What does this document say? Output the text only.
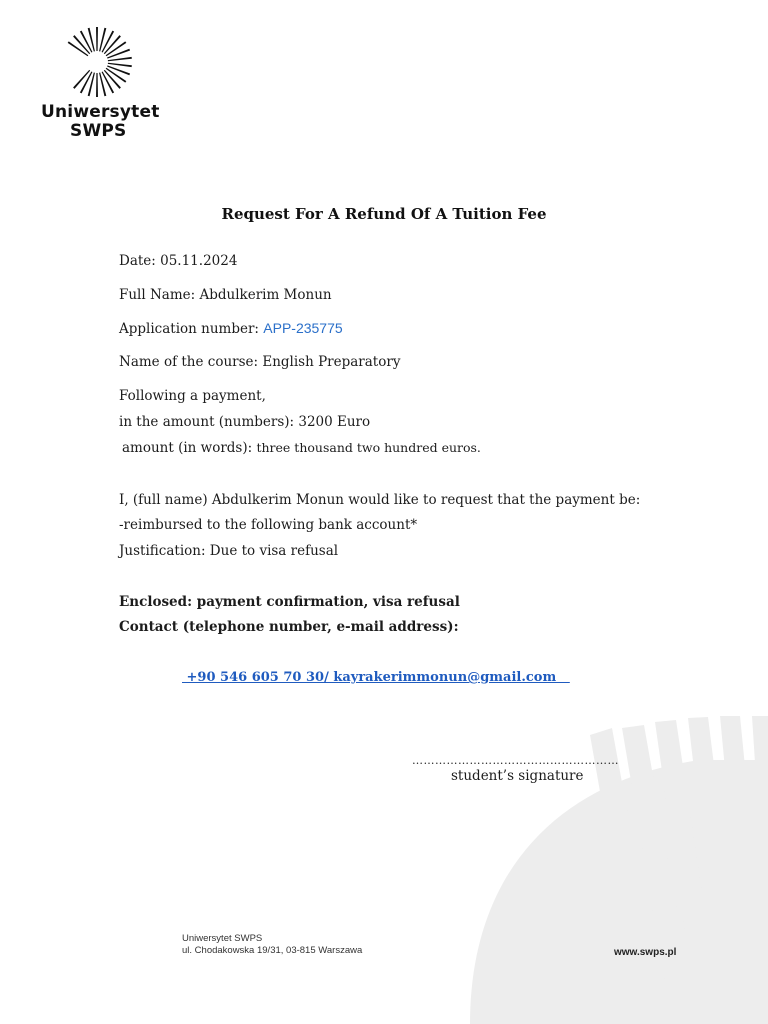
Uniwersytet
SWPS
Request For A Refund Of A Tuition Fee
Date: 05.11.2024
Full Name: Abdulkerim Monun
Application number: APP-235775
Name of the course: English Preparatory
Following a payment,
in the amount (numbers): 3200 Euro
amount (in words): three thousand two hundred euros.
I, (full name) Abdulkerim Monun would like to request that the payment be:
-reimbursed to the following bank account*
Justification: Due to visa refusal
Enclosed: payment confirmation, visa refusal
Contact (telephone number, e-mail address):
+90 546 605 70 30/ kayrakerimmonun@gmail.com
………………………………………………
student’s signature
Uniwersytet SWPS
ul. Chodakowska 19/31, 03-815 Warszawa	www.swps.pl
